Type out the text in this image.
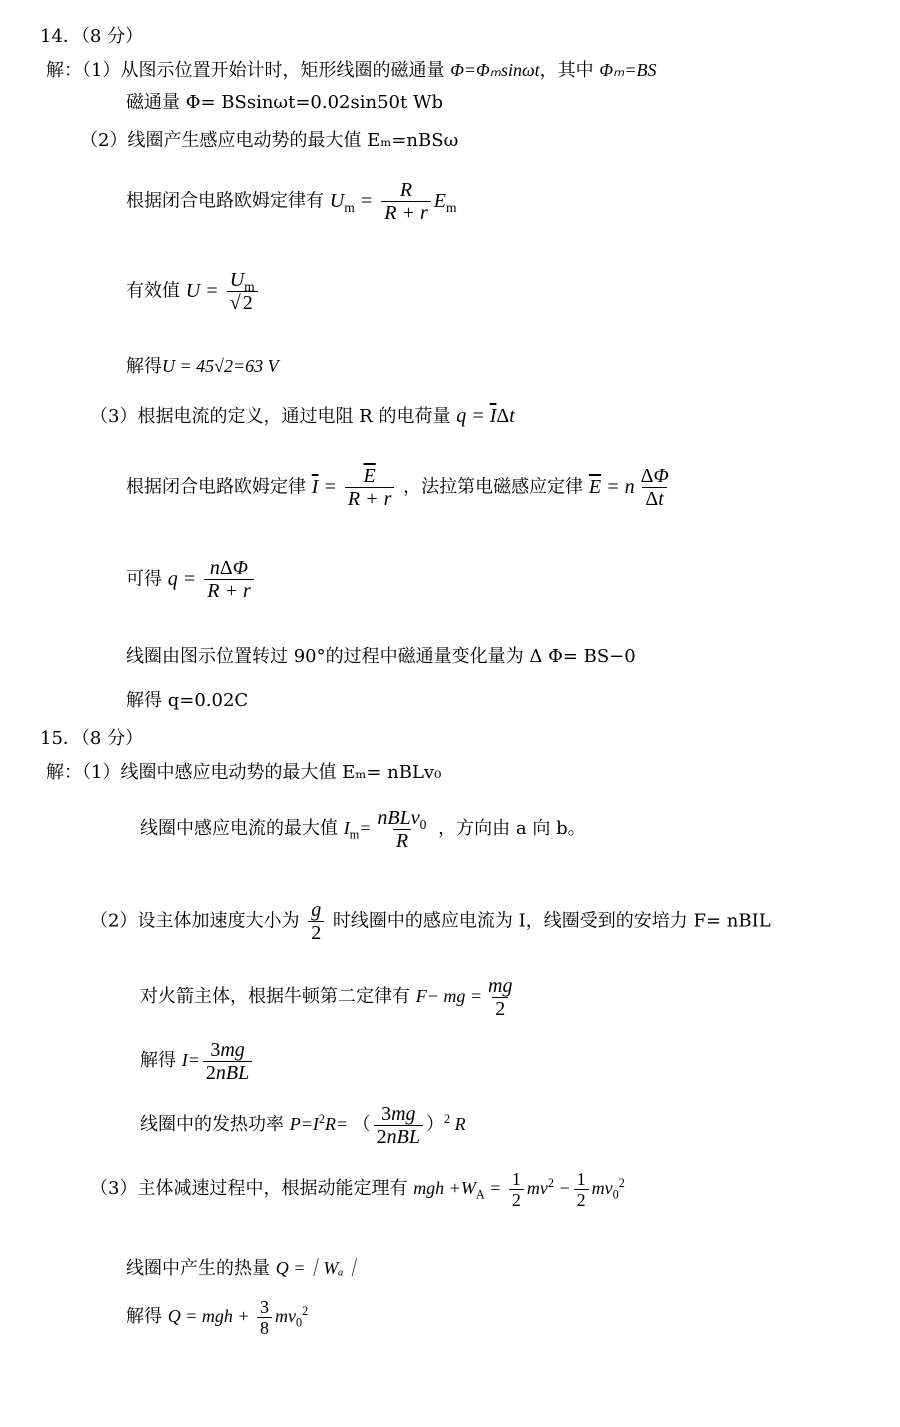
14．（8 分）
解：（1）从图示位置开始计时，矩形线圈的磁通量 Φ=Φₘsinωt，其中 Φₘ=BS
磁通量 Φ= BSsinωt=0.02sin50t Wb
（2）线圈产生感应电动势的最大值 Eₘ=nBSω
根据闭合电路欧姆定律有 $U_m = \frac{R}{R + r} E_m$
有效值 $U = \frac{U_m}{√ 2}$
解得U = 45√2=63 V
（3）根据电流的定义，通过电阻 R 的电荷量 $q = \overline{I}\Delta t$
根据闭合电路欧姆定律 $\overline{I} = \frac{\overline{E}}{R + r}$ ，法拉第电磁感应定律 $\overline{E} = n \frac{\Delta\Phi}{\Delta t}$
可得 $q = \frac{\text{nΔΦ}}{R + r}$
线圈由图示位置转过 90°的过程中磁通量变化量为 Δ Φ= BS−0
解得 q=0.02C
15．（8 分）
解：（1）线圈中感应电动势的最大值 Eₘ= nBLv₀
线圈中感应电流的最大值 $I_m= \frac{nBLv_0}{R}$ ，方向由 a 向 b。
（2）设主体加速度大小为 $\frac{g}{2}$ 时线圈中的感应电流为 I，线圈受到的安培力 F= nBIL
对火箭主体，根据牛顿第二定律有 F− mg = $\frac{mg}{2}$
解得 $I= \frac{3mg}{\text{2nBL}}$
线圈中的发热功率 $P=I^2R=$ （ $\frac{3mg}{\text{2nBL}} )^2$ R
（3）主体减速过程中，根据动能定理有 mgh $+W_A = \frac{1}{2} mv^2 - \frac{1}{2} mv_0^2$
线圈中产生的热量 Q =｜Wₐ｜
解得 Q = mgh + $\frac{3}{8} mv_0^2$
